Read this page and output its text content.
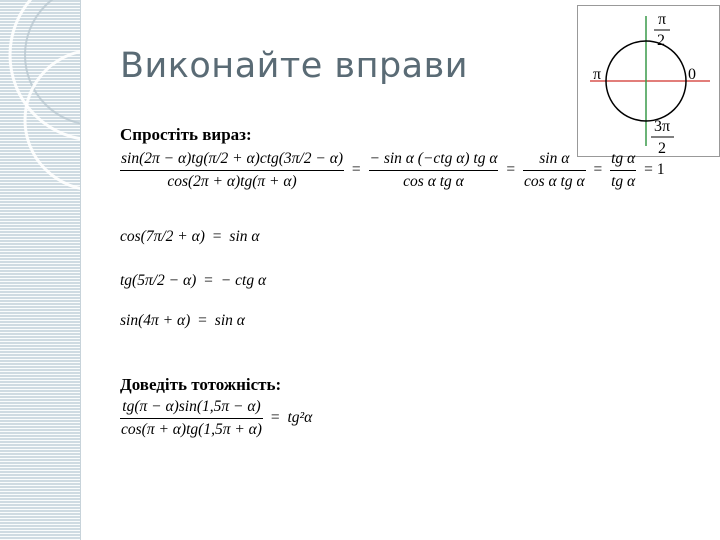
Виконайте вправи
π
2
π	0
3π
2
Спростіть вираз:
$\frac{\text{sin(2π − α)tg(π/2 + α)ctg(3π/2 − α)}}{\cos(2\pi + \alpha)tg(\pi + \alpha)} = \frac{\text{− sin α (−ctg α) tg α}}{\text{cos α tg α}} = \frac{\text{sin α}}{\text{cos α tg α}} = \frac{\text{tg α}}{\text{tg α}} = 1$
cos(7π/2 + α) = sin α
tg(5π/2 − α) = − ctg α
sin(4π + α) = sin α
Доведіть тотожність:
$\frac{tg(\pi - \alpha)\sin(1,5\pi - \alpha)}{\cos(\pi + \alpha)tg(1,5\pi + \alpha)} = tg^2\alpha$
